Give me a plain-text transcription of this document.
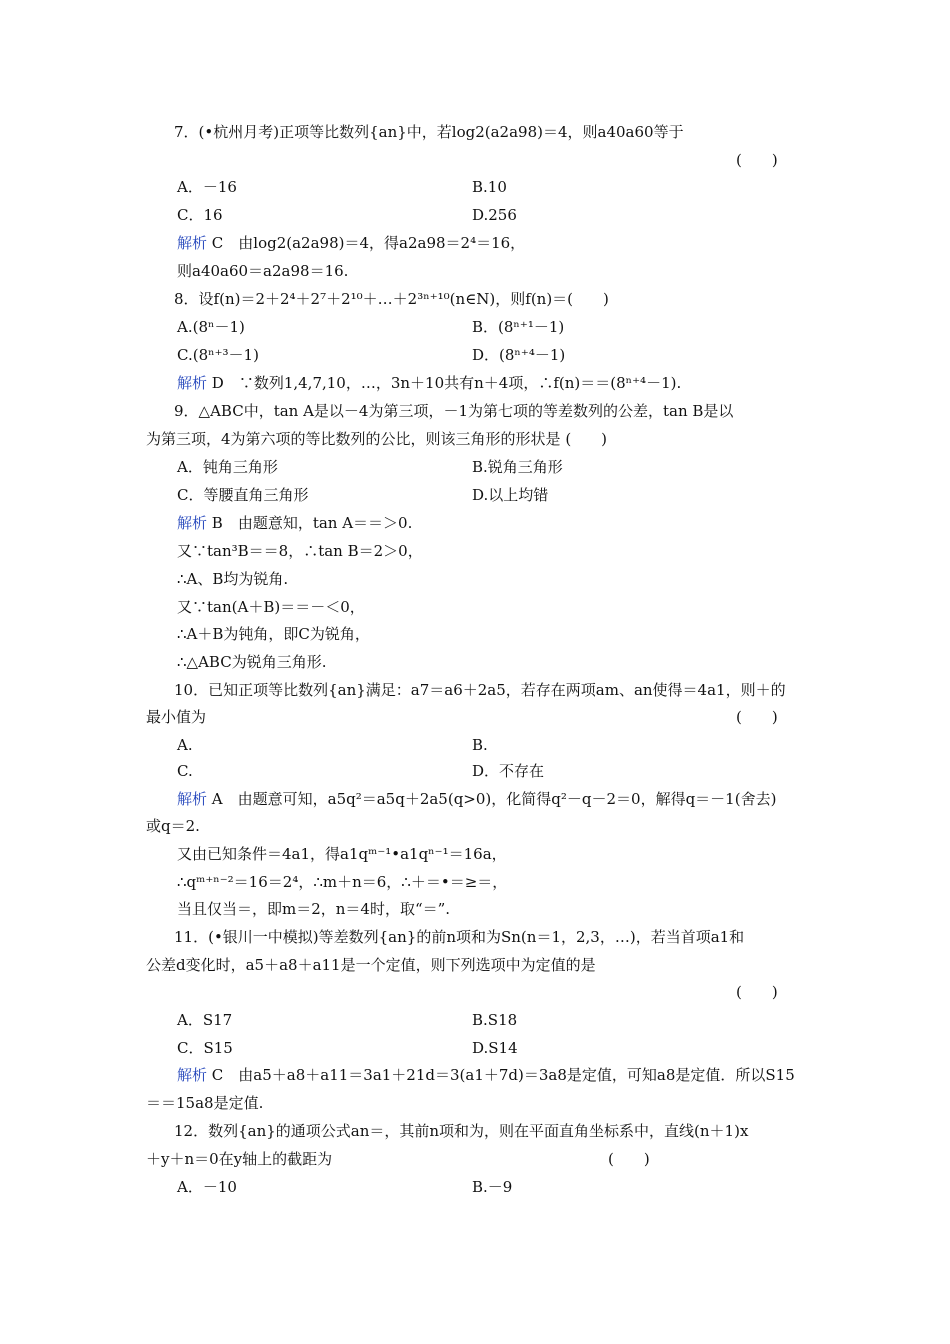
7．(•杭州月考)正项等比数列{an}中，若log2(a2a98)＝4，则a40a60等于
(　　)
A．－16	B.10
C．16	D.256
解析 C　由log2(a2a98)＝4，得a2a98＝2⁴＝16，
则a40a60＝a2a98＝16.
8．设f(n)＝2＋2⁴＋2⁷＋2¹⁰＋…＋2³ⁿ⁺¹⁰(n∈N)，则f(n)＝(　　)
A.(8ⁿ－1)	B．(8ⁿ⁺¹－1)
C.(8ⁿ⁺³－1)	D．(8ⁿ⁺⁴－1)
解析 D　∵数列1,4,7,10，…，3n＋10共有n＋4项，∴f(n)＝＝(8ⁿ⁺⁴－1).
9．△ABC中，tan A是以－4为第三项，－1为第七项的等差数列的公差，tan B是以
为第三项，4为第六项的等比数列的公比，则该三角形的形状是 (　　)
A．钝角三角形	B.锐角三角形
C．等腰直角三角形	D.以上均错
解析 B　由题意知，tan A＝＝＞0.
又∵tan³B＝＝8，∴tan B＝2＞0，
∴A、B均为锐角.
又∵tan(A＋B)＝＝－＜0，
∴A＋B为钝角，即C为锐角，
∴△ABC为锐角三角形.
10．已知正项等比数列{an}满足：a7＝a6＋2a5，若存在两项am、an使得＝4a1，则＋的
最小值为	(　　)
A.	B.
C.	D．不存在
解析 A　由题意可知，a5q²＝a5q＋2a5(q>0)，化简得q²－q－2＝0，解得q＝－1(舍去)
或q＝2.
又由已知条件＝4a1，得a1qᵐ⁻¹•a1qⁿ⁻¹＝16a，
∴qᵐ⁺ⁿ⁻²＝16＝2⁴，∴m＋n＝6，∴＋＝•＝≥＝，
当且仅当＝，即m＝2，n＝4时，取“＝”.
11．(•银川一中模拟)等差数列{an}的前n项和为Sn(n＝1，2,3，…)，若当首项a1和
公差d变化时，a5＋a8＋a11是一个定值，则下列选项中为定值的是
(　　)
A．S17	B.S18
C．S15	D.S14
解析 C　由a5＋a8＋a11＝3a1＋21d＝3(a1＋7d)＝3a8是定值，可知a8是定值．所以S15
＝＝15a8是定值.
12．数列{an}的通项公式an＝，其前n项和为，则在平面直角坐标系中，直线(n＋1)x
＋y＋n＝0在y轴上的截距为	(　　)
A．－10	B.－9
